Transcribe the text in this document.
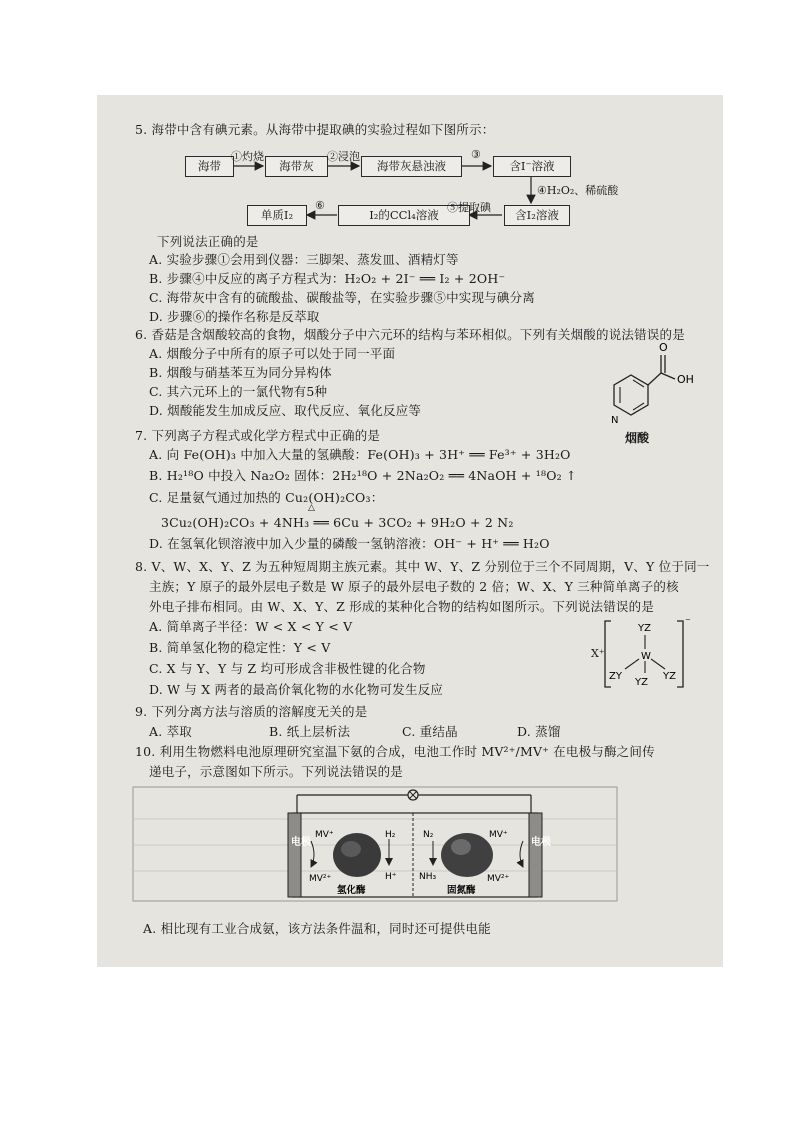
5. 海带中含有碘元素。从海带中提取碘的实验过程如下图所示：
海带	海带灰	海带灰悬浊液	含I⁻溶液
含I₂溶液
I₂的CCl₄溶液
单质I₂
①灼烧	②浸泡	③
④H₂O₂、稀硫酸
⑤提取碘
⑥
下列说法正确的是
A. 实验步骤①会用到仪器：三脚架、蒸发皿、酒精灯等
B. 步骤④中反应的离子方程式为：H₂O₂ + 2I⁻ ══ I₂ + 2OH⁻
C. 海带灰中含有的硫酸盐、碳酸盐等，在实验步骤⑤中实现与碘分离
D. 步骤⑥的操作名称是反萃取
6. 香菇是含烟酸较高的食物，烟酸分子中六元环的结构与苯环相似。下列有关烟酸的说法错误的是
A. 烟酸分子中所有的原子可以处于同一平面
B. 烟酸与硝基苯互为同分异构体
C. 其六元环上的一氯代物有5种
D. 烟酸能发生加成反应、取代反应、氧化反应等
O
OH
N
烟酸
7. 下列离子方程式或化学方程式中正确的是
A. 向 Fe(OH)₃ 中加入大量的氢碘酸：Fe(OH)₃ + 3H⁺ ══ Fe³⁺ + 3H₂O
B. H₂¹⁸O 中投入 Na₂O₂ 固体：2H₂¹⁸O + 2Na₂O₂ ══ 4NaOH + ¹⁸O₂ ↑
C. 足量氨气通过加热的 Cu₂(OH)₂CO₃：
△
3Cu₂(OH)₂CO₃ + 4NH₃ ══ 6Cu + 3CO₂ + 9H₂O + 2 N₂
D. 在氢氧化钡溶液中加入少量的磷酸一氢钠溶液：OH⁻ + H⁺ ══ H₂O
8. V、W、X、Y、Z 为五种短周期主族元素。其中 W、Y、Z 分别位于三个不同周期，V、Y 位于同一
主族；Y 原子的最外层电子数是 W 原子的最外层电子数的 2 倍；W、X、Y 三种简单离子的核
外电子排布相同。由 W、X、Y、Z 形成的某种化合物的结构如图所示。下列说法错误的是
A. 简单离子半径：W < X < Y < V
B. 简单氢化物的稳定性：Y < V
C. X 与 Y、Y 与 Z 均可形成含非极性键的化合物
D. W 与 X 两者的最高价氧化物的水化物可发生反应
YZ
W
ZY
YZ
YZ
⁻
X⁺
9. 下列分离方法与溶质的溶解度无关的是
A. 萃取	B. 纸上层析法	C. 重结晶	D. 蒸馏
10. 利用生物燃料电池原理研究室温下氨的合成，电池工作时 MV²⁺/MV⁺ 在电极与酶之间传
递电子，示意图如下所示。下列说法错误的是
电极	电极
MV⁺
MV²⁺
H₂
H⁺
N₂
NH₃
MV⁺
MV²⁺
氢化酶	固氮酶
A. 相比现有工业合成氨，该方法条件温和，同时还可提供电能
